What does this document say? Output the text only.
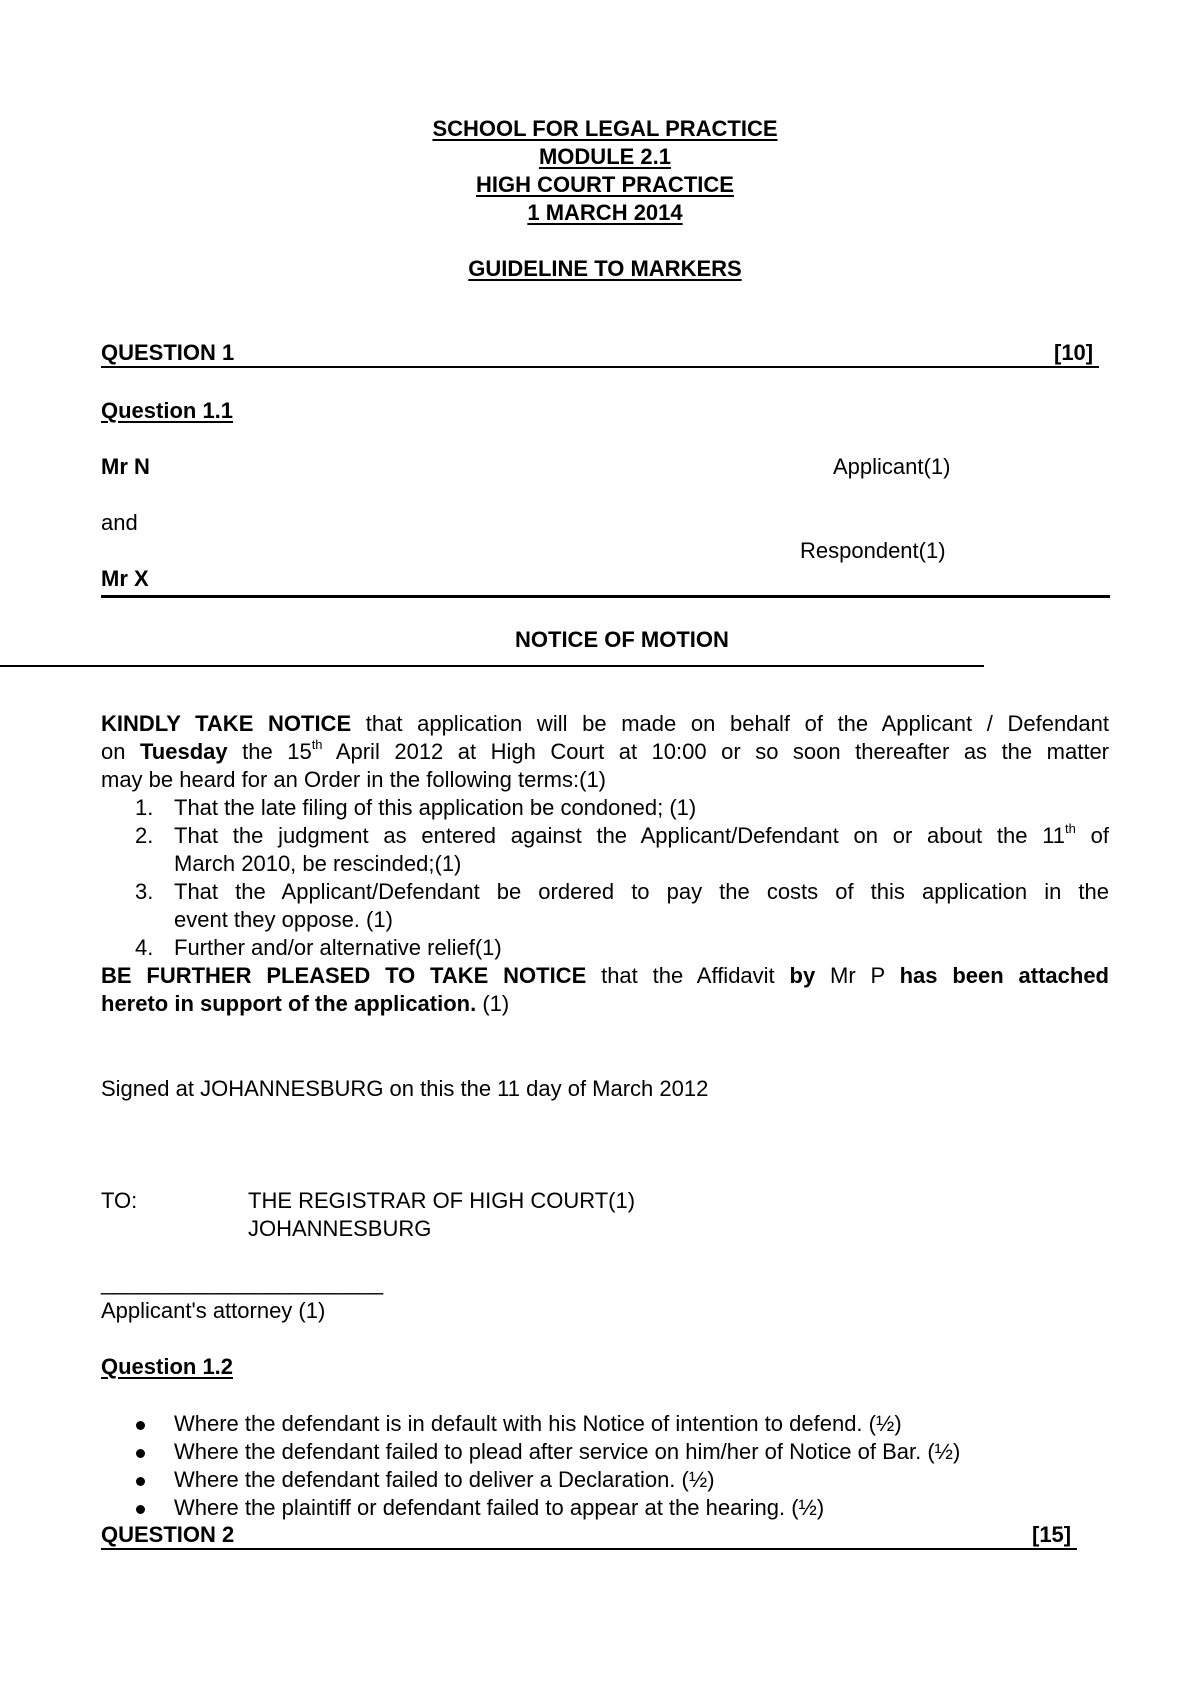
SCHOOL FOR LEGAL PRACTICE
MODULE 2.1
HIGH COURT PRACTICE
1 MARCH 2014
GUIDELINE TO MARKERS
QUESTION 1	[10]
Question 1.1
Mr N	Applicant(1)
and
Respondent(1)
Mr X
NOTICE OF MOTION
KINDLY TAKE NOTICE that application will be made on behalf of the Applicant / Defendant
on Tuesday the 15th April 2012 at High Court at 10:00 or so soon thereafter as the matter
may be heard for an Order in the following terms:(1)
1. That the late filing of this application be condoned; (1)
2. That the judgment as entered against the Applicant/Defendant on or about the 11th of
March 2010, be rescinded;(1)
3. That the Applicant/Defendant be ordered to pay the costs of this application in the
event they oppose. (1)
4. Further and/or alternative relief(1)
BE FURTHER PLEASED TO TAKE NOTICE that the Affidavit by Mr P has been attached
hereto in support of the application. (1)
Signed at JOHANNESBURG on this the 11 day of March 2012
TO:	THE REGISTRAR OF HIGH COURT(1)
JOHANNESBURG
________________________
Applicant's attorney (1)
Question 1.2
Where the defendant is in default with his Notice of intention to defend. (½)
Where the defendant failed to plead after service on him/her of Notice of Bar. (½)
Where the defendant failed to deliver a Declaration. (½)
Where the plaintiff or defendant failed to appear at the hearing. (½)
QUESTION 2	[15]
